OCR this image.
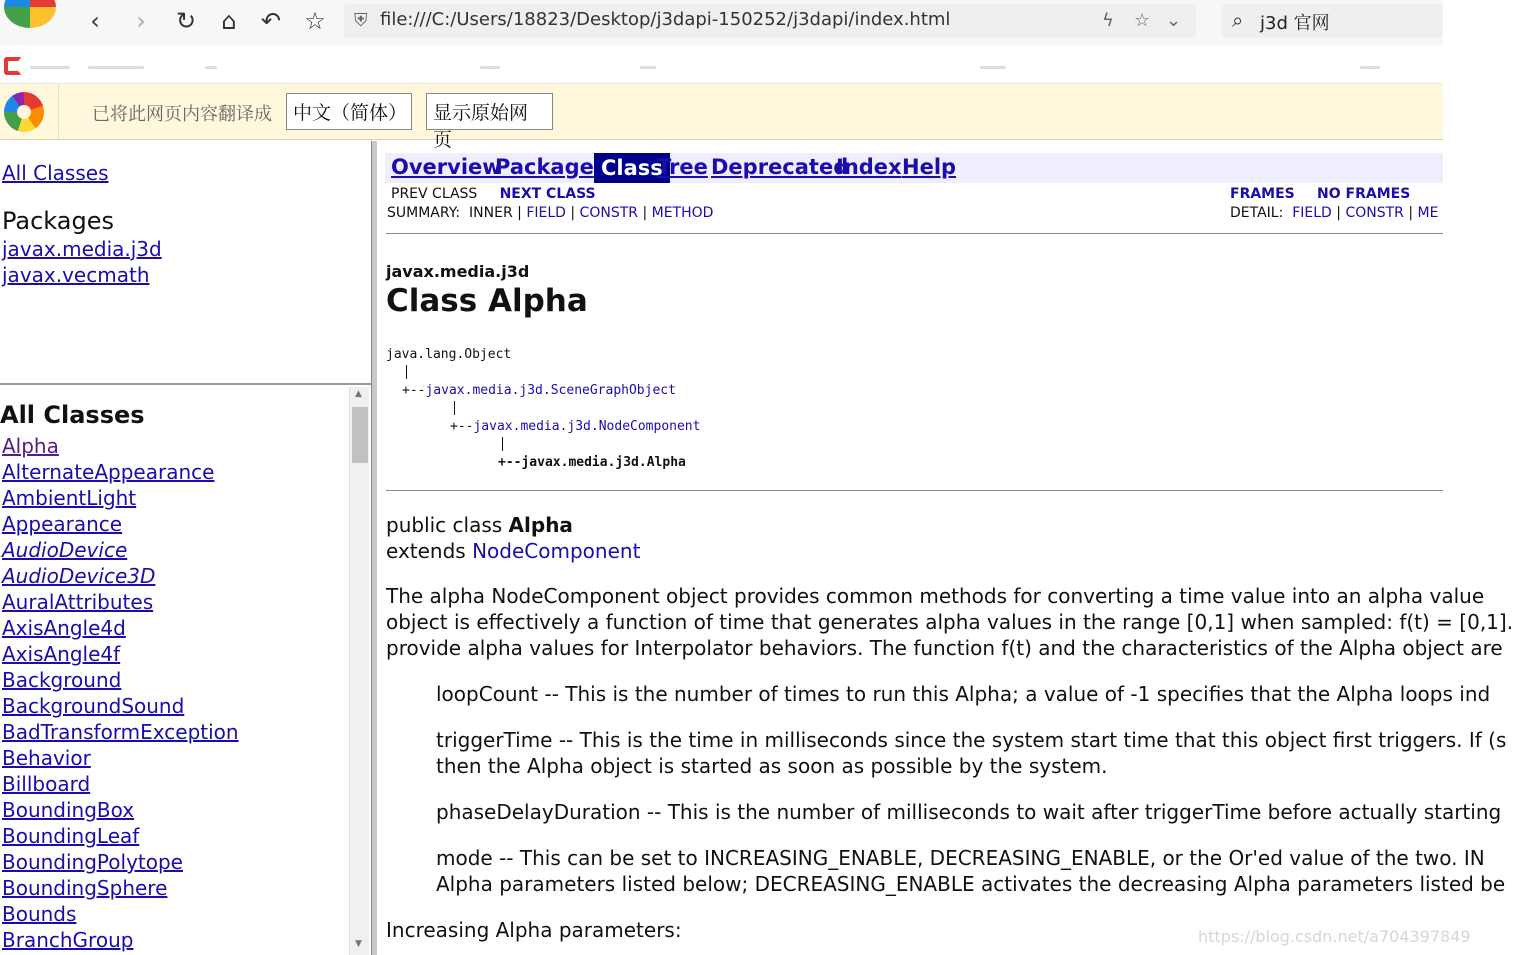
‹	›	↻	⌂	↶ ☆ ⛨ file:///C:/Users/18823/Desktop/j3dapi-150252/j3dapi/index.html	ϟ ☆ ⌄	⌕ j3d 官网
已将此网页内容翻译成	中文（简体）	显示原始网页
All Classes
Packages
javax.media.j3d
javax.vecmath
All Classes
Alpha
AlternateAppearance
AmbientLight
Appearance
AudioDevice
AudioDevice3D
AuralAttributes
AxisAngle4d
AxisAngle4f
Background
BackgroundSound
BadTransformException
Behavior
Billboard
BoundingBox
BoundingLeaf
BoundingPolytope
BoundingSphere
Bounds
BranchGroup
▲
▼
Overview
Package Class
Tree Deprecated
Index Help
PREV CLASS NEXT CLASS
SUMMARY: INNER | FIELD | CONSTR | METHOD
FRAMES NO FRAMES
DETAIL: FIELD | CONSTR | ME
javax.media.j3d
Class Alpha
java.lang.Object
+--javax.media.j3d.SceneGraphObject
+--javax.media.j3d.NodeComponent
+--javax.media.j3d.Alpha
public class Alpha
extends NodeComponent
The alpha NodeComponent object provides common methods for converting a time value into an alpha value
object is effectively a function of time that generates alpha values in the range [0,1] when sampled: f(t) = [0,1].
provide alpha values for Interpolator behaviors. The function f(t) and the characteristics of the Alpha object are
loopCount -- This is the number of times to run this Alpha; a value of -1 specifies that the Alpha loops ind
triggerTime -- This is the time in milliseconds since the system start time that this object first triggers. If (s
then the Alpha object is started as soon as possible by the system.
phaseDelayDuration -- This is the number of milliseconds to wait after triggerTime before actually starting
mode -- This can be set to INCREASING_ENABLE, DECREASING_ENABLE, or the Or'ed value of the two. IN
Alpha parameters listed below; DECREASING_ENABLE activates the decreasing Alpha parameters listed be
Increasing Alpha parameters:	https://blog.csdn.net/a704397849
